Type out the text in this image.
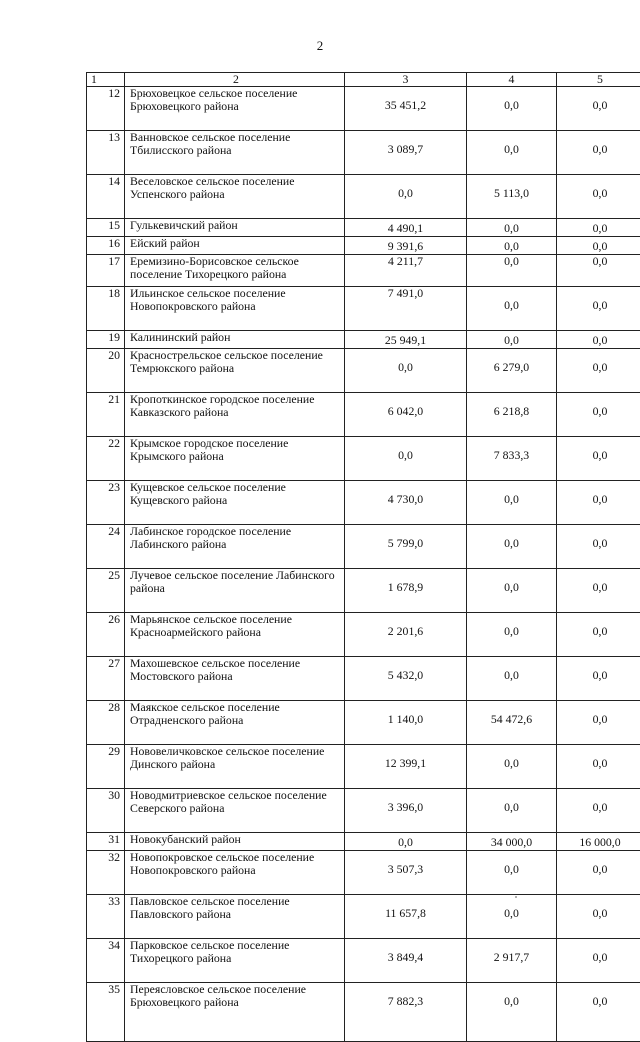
2
1	2	3	4	5
12	Брюховецкое сельское поселение Брюховецкого района	35 451,2	0,0	0,0
13	Ванновское сельское поселение Тбилисского района	3 089,7	0,0	0,0
14	Веселовское сельское поселение Успенского района	0,0	5 113,0	0,0
15	Гулькевичский район	4 490,1	0,0	0,0
16	Ейский район	9 391,6	0,0	0,0
17	Еремизино-Борисовское сельское поселение Тихорецкого района	4 211,7	0,0	0,0
18	Ильинское сельское поселение Новопокровского района	7 491,0	0,0	0,0
19	Калининский район	25 949,1	0,0	0,0
20	Краснострельское сельское поселение Темрюкского района	0,0	6 279,0	0,0
21	Кропоткинское городское поселение Кавказского района	6 042,0	6 218,8	0,0
22	Крымское городское поселение Крымского района	0,0	7 833,3	0,0
23	Кущевское сельское поселение Кущевского района	4 730,0	0,0	0,0
24	Лабинское городское поселение Лабинского района	5 799,0	0,0	0,0
25	Лучевое сельское поселение Лабинского района	1 678,9	0,0	0,0
26	Марьянское сельское поселение Красноармейского района	2 201,6	0,0	0,0
27	Махошевское сельское поселение Мостовского района	5 432,0	0,0	0,0
28	Маякское сельское поселение Отрадненского района	1 140,0	54 472,6	0,0
29	Нововеличковское сельское поселение Динского района	12 399,1	0,0	0,0
30	Новодмитриевское сельское поселение Северского района	3 396,0	0,0	0,0
31	Новокубанский район	0,0	34 000,0	16 000,0
32	Новопокровское сельское поселение Новопокровского района	3 507,3	0,0	0,0
33	Павловское сельское поселение Павловского района	11 657,8	0,0	0,0
34	Парковское сельское поселение Тихорецкого района	3 849,4	2 917,7	0,0
35	Переясловское сельское поселение Брюховецкого района	7 882,3	0,0	0,0
